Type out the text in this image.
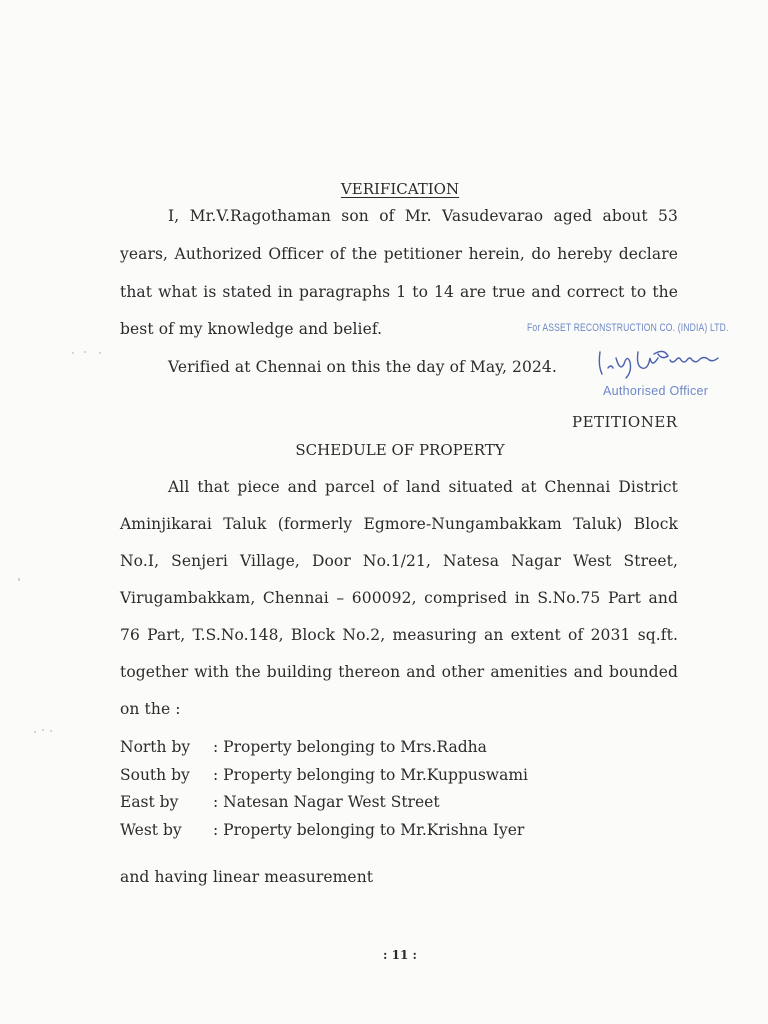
VERIFICATION
I, Mr.V.Ragothaman son of Mr. Vasudevarao aged about 53
years, Authorized Officer of the petitioner herein, do hereby declare
that what is stated in paragraphs 1 to 14 are true and correct to the
best of my knowledge and belief.	For ASSET RECONSTRUCTION CO. (INDIA) LTD.
Verified at Chennai on this the day of May, 2024.
Authorised Officer
PETITIONER
SCHEDULE OF PROPERTY
All that piece and parcel of land situated at Chennai District
Aminjikarai Taluk (formerly Egmore-Nungambakkam Taluk) Block
No.I, Senjeri Village, Door No.1/21, Natesa Nagar West Street,
Virugambakkam, Chennai – 600092, comprised in S.No.75 Part and
76 Part, T.S.No.148, Block No.2, measuring an extent of 2031 sq.ft.
together with the building thereon and other amenities and bounded
on the :
North by : Property belonging to Mrs.Radha
South by : Property belonging to Mr.Kuppuswami
East by : Natesan Nagar West Street
West by : Property belonging to Mr.Krishna Iyer
and having linear measurement
: 11 :
